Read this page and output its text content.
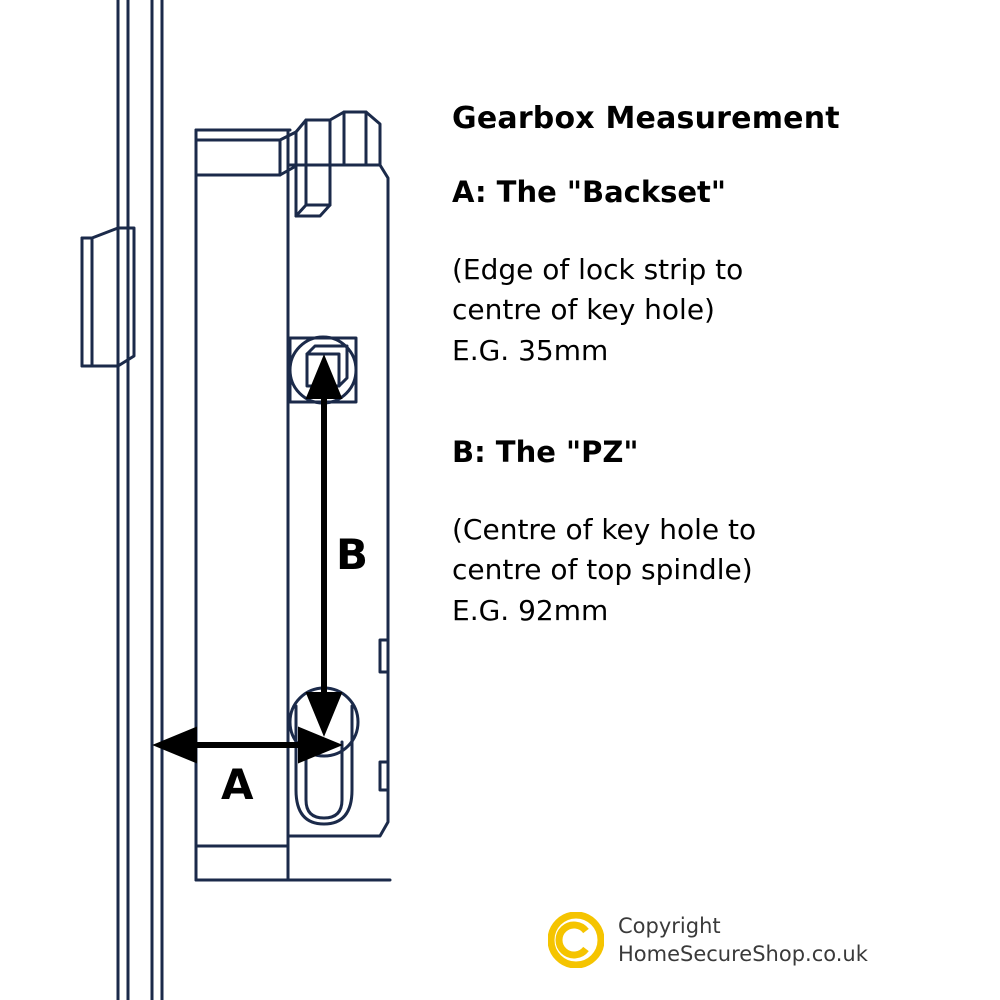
B
A

Gearbox Measurement

A: The "Backset"

(Edge of lock strip to
centre of key hole)
E.G. 35mm

B: The "PZ"

(Centre of key hole to
centre of top spindle)
E.G. 92mm

Copyright
HomeSecureShop.co.uk
